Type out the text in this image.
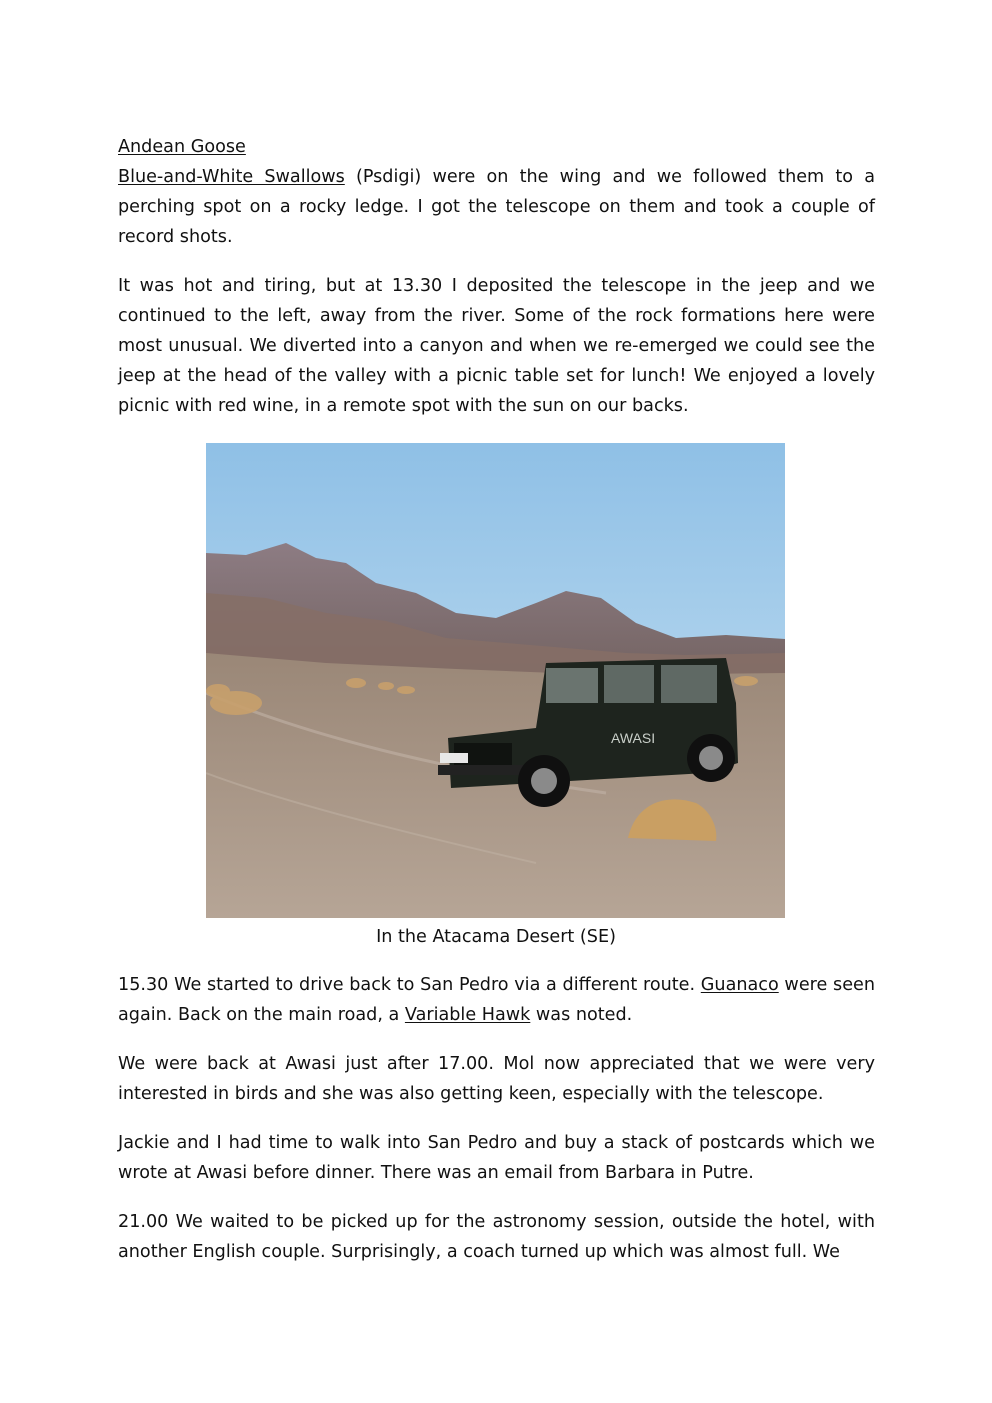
Andean Goose

Blue-and-White Swallows (Psdigi) were on the wing and we followed them to a perching spot on a rocky ledge. I got the telescope on them and took a couple of record shots.

It was hot and tiring, but at 13.30 I deposited the telescope in the jeep and we continued to the left, away from the river. Some of the rock formations here were most unusual. We diverted into a canyon and when we re-emerged we could see the jeep at the head of the valley with a picnic table set for lunch! We enjoyed a lovely picnic with red wine, in a remote spot with the sun on our backs.

AWASI
In the Atacama Desert (SE)

15.30 We started to drive back to San Pedro via a different route. Guanaco were seen again. Back on the main road, a Variable Hawk was noted.

We were back at Awasi just after 17.00. Mol now appreciated that we were very interested in birds and she was also getting keen, especially with the telescope.

Jackie and I had time to walk into San Pedro and buy a stack of postcards which we wrote at Awasi before dinner. There was an email from Barbara in Putre.

21.00 We waited to be picked up for the astronomy session, outside the hotel, with another English couple. Surprisingly, a coach turned up which was almost full. We
